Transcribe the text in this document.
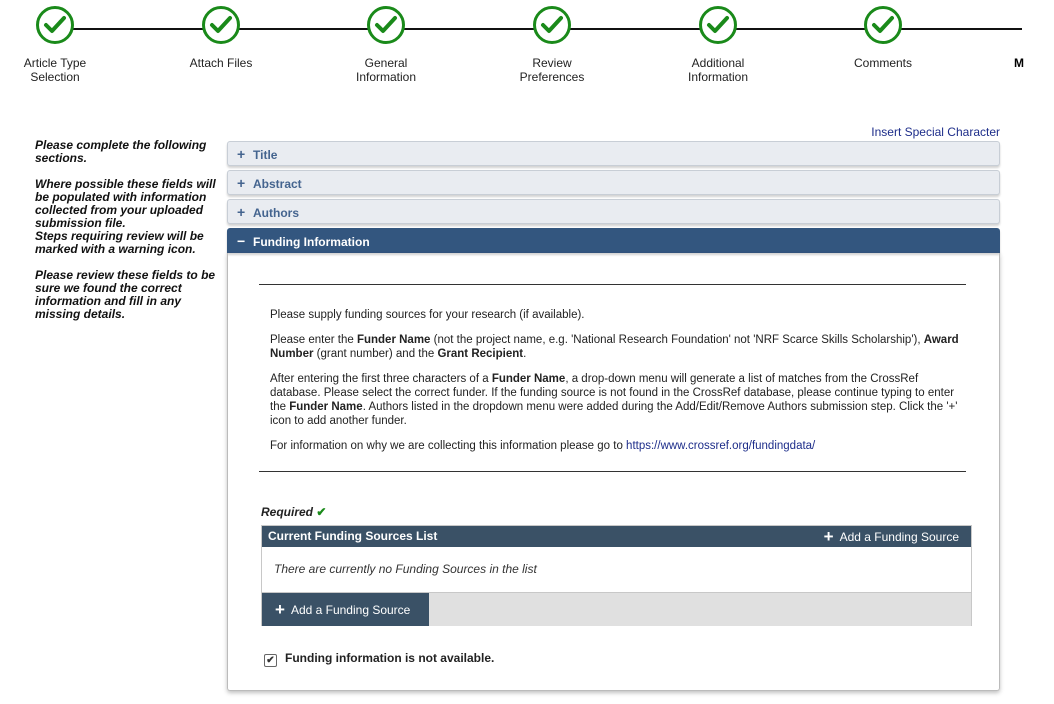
Article Type
Selection
Attach Files	General
Information
Review
Preferences
Additional
Information
Comments	M

Please complete the following sections.

Where possible these fields will be populated with information collected from your uploaded submission file.

Steps requiring review will be marked with a warning icon.

Please review these fields to be sure we found the correct information and fill in any missing details.

Insert Special Character
+ Title
+ Abstract
+ Authors
− Funding Information

Please supply funding sources for your research (if available).

Please enter the Funder Name (not the project name, e.g. 'National Research Foundation' not 'NRF Scarce Skills Scholarship'), Award Number (grant number) and the Grant Recipient.

After entering the first three characters of a Funder Name, a drop-down menu will generate a list of matches from the CrossRef database. Please select the correct funder. If the funding source is not found in the CrossRef database, please continue typing to enter the Funder Name. Authors listed in the dropdown menu were added during the Add/Edit/Remove Authors submission step. Click the '+' icon to add another funder.

For information on why we are collecting this information please go to https://www.crossref.org/fundingdata/

Required ✔
Current Funding Sources List	+ Add a Funding Source
There are currently no Funding Sources in the list
+ Add a Funding Source
✔ Funding information is not available.
